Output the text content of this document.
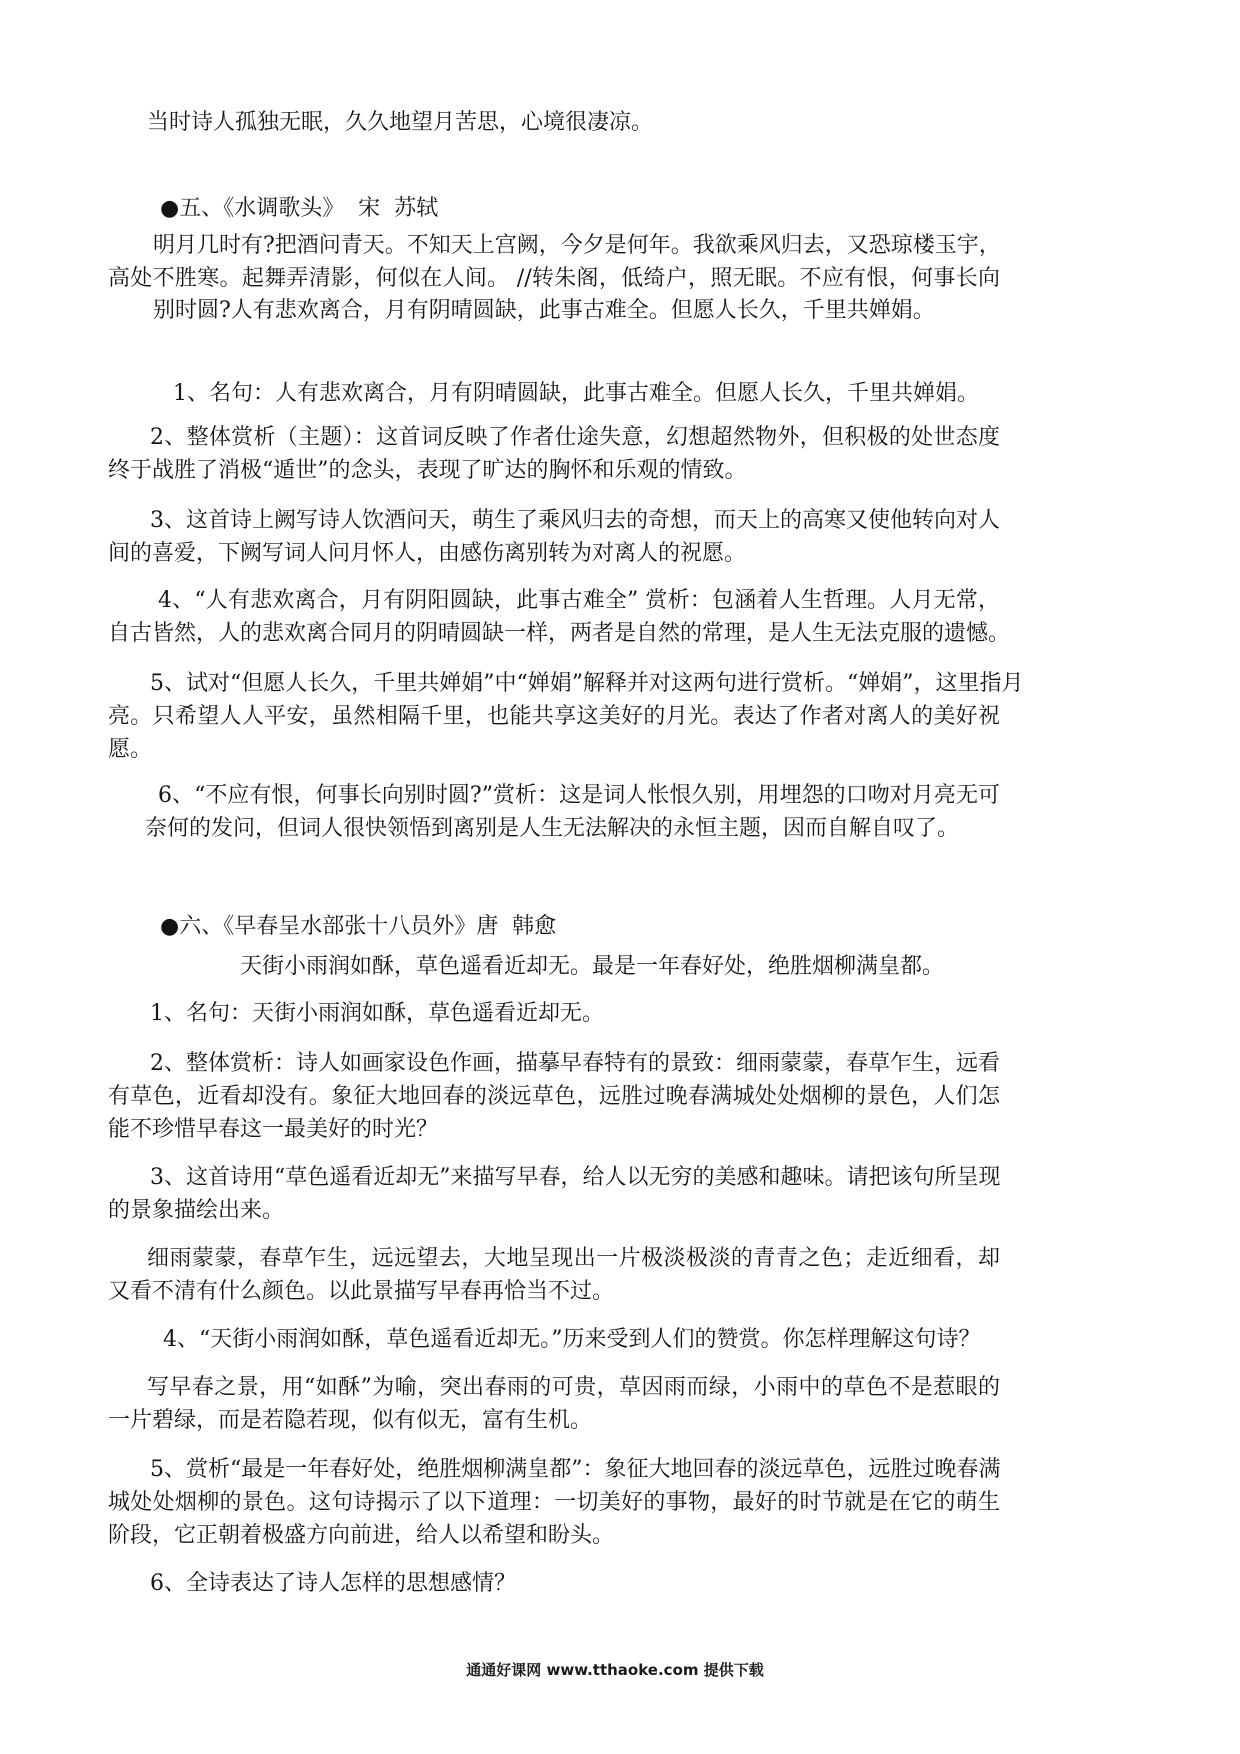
当时诗人孤独无眠，久久地望月苦思，心境很凄凉。
●五、《水调歌头》  宋  苏轼
明月几时有?把酒问青天。不知天上宫阙，今夕是何年。我欲乘风归去，又恐琼楼玉宇，
高处不胜寒。起舞弄清影，何似在人间。 //转朱阁，低绮户，照无眠。不应有恨，何事长向
别时圆?人有悲欢离合，月有阴晴圆缺，此事古难全。但愿人长久，千里共婵娟。
1、名句：人有悲欢离合，月有阴晴圆缺，此事古难全。但愿人长久，千里共婵娟。
2、整体赏析（主题）：这首词反映了作者仕途失意，幻想超然物外，但积极的处世态度
终于战胜了消极“遁世”的念头，表现了旷达的胸怀和乐观的情致。
3、这首诗上阙写诗人饮酒问天，萌生了乘风归去的奇想，而天上的高寒又使他转向对人
间的喜爱，下阙写词人问月怀人，由感伤离别转为对离人的祝愿。
4、“人有悲欢离合，月有阴阳圆缺，此事古难全” 赏析：包涵着人生哲理。人月无常，
自古皆然，人的悲欢离合同月的阴晴圆缺一样，两者是自然的常理，是人生无法克服的遗憾。
5、试对“但愿人长久，千里共婵娟”中“婵娟”解释并对这两句进行赏析。“婵娟”，这里指月
亮。只希望人人平安，虽然相隔千里，也能共享这美好的月光。表达了作者对离人的美好祝
愿。
6、“不应有恨，何事长向别时圆?”赏析：这是词人怅恨久别，用埋怨的口吻对月亮无可
奈何的发问，但词人很快领悟到离别是人生无法解决的永恒主题，因而自解自叹了。
●六、《早春呈水部张十八员外》唐  韩愈
天街小雨润如酥，草色遥看近却无。最是一年春好处，绝胜烟柳满皇都。
1、名句：天街小雨润如酥，草色遥看近却无。
2、整体赏析：诗人如画家设色作画，描摹早春特有的景致：细雨蒙蒙，春草乍生，远看
有草色，近看却没有。象征大地回春的淡远草色，远胜过晚春满城处处烟柳的景色，人们怎
能不珍惜早春这一最美好的时光？
3、这首诗用“草色遥看近却无”来描写早春，给人以无穷的美感和趣味。请把该句所呈现
的景象描绘出来。
细雨蒙蒙，春草乍生，远远望去，大地呈现出一片极淡极淡的青青之色；走近细看，却
又看不清有什么颜色。以此景描写早春再恰当不过。
4、“天街小雨润如酥，草色遥看近却无。”历来受到人们的赞赏。你怎样理解这句诗？
写早春之景，用“如酥”为喻，突出春雨的可贵，草因雨而绿，小雨中的草色不是惹眼的
一片碧绿，而是若隐若现，似有似无，富有生机。
5、赏析“最是一年春好处，绝胜烟柳满皇都”：象征大地回春的淡远草色，远胜过晚春满
城处处烟柳的景色。这句诗揭示了以下道理：一切美好的事物，最好的时节就是在它的萌生
阶段，它正朝着极盛方向前进，给人以希望和盼头。
6、全诗表达了诗人怎样的思想感情？
通通好课网 www.tthaoke.com 提供下载
